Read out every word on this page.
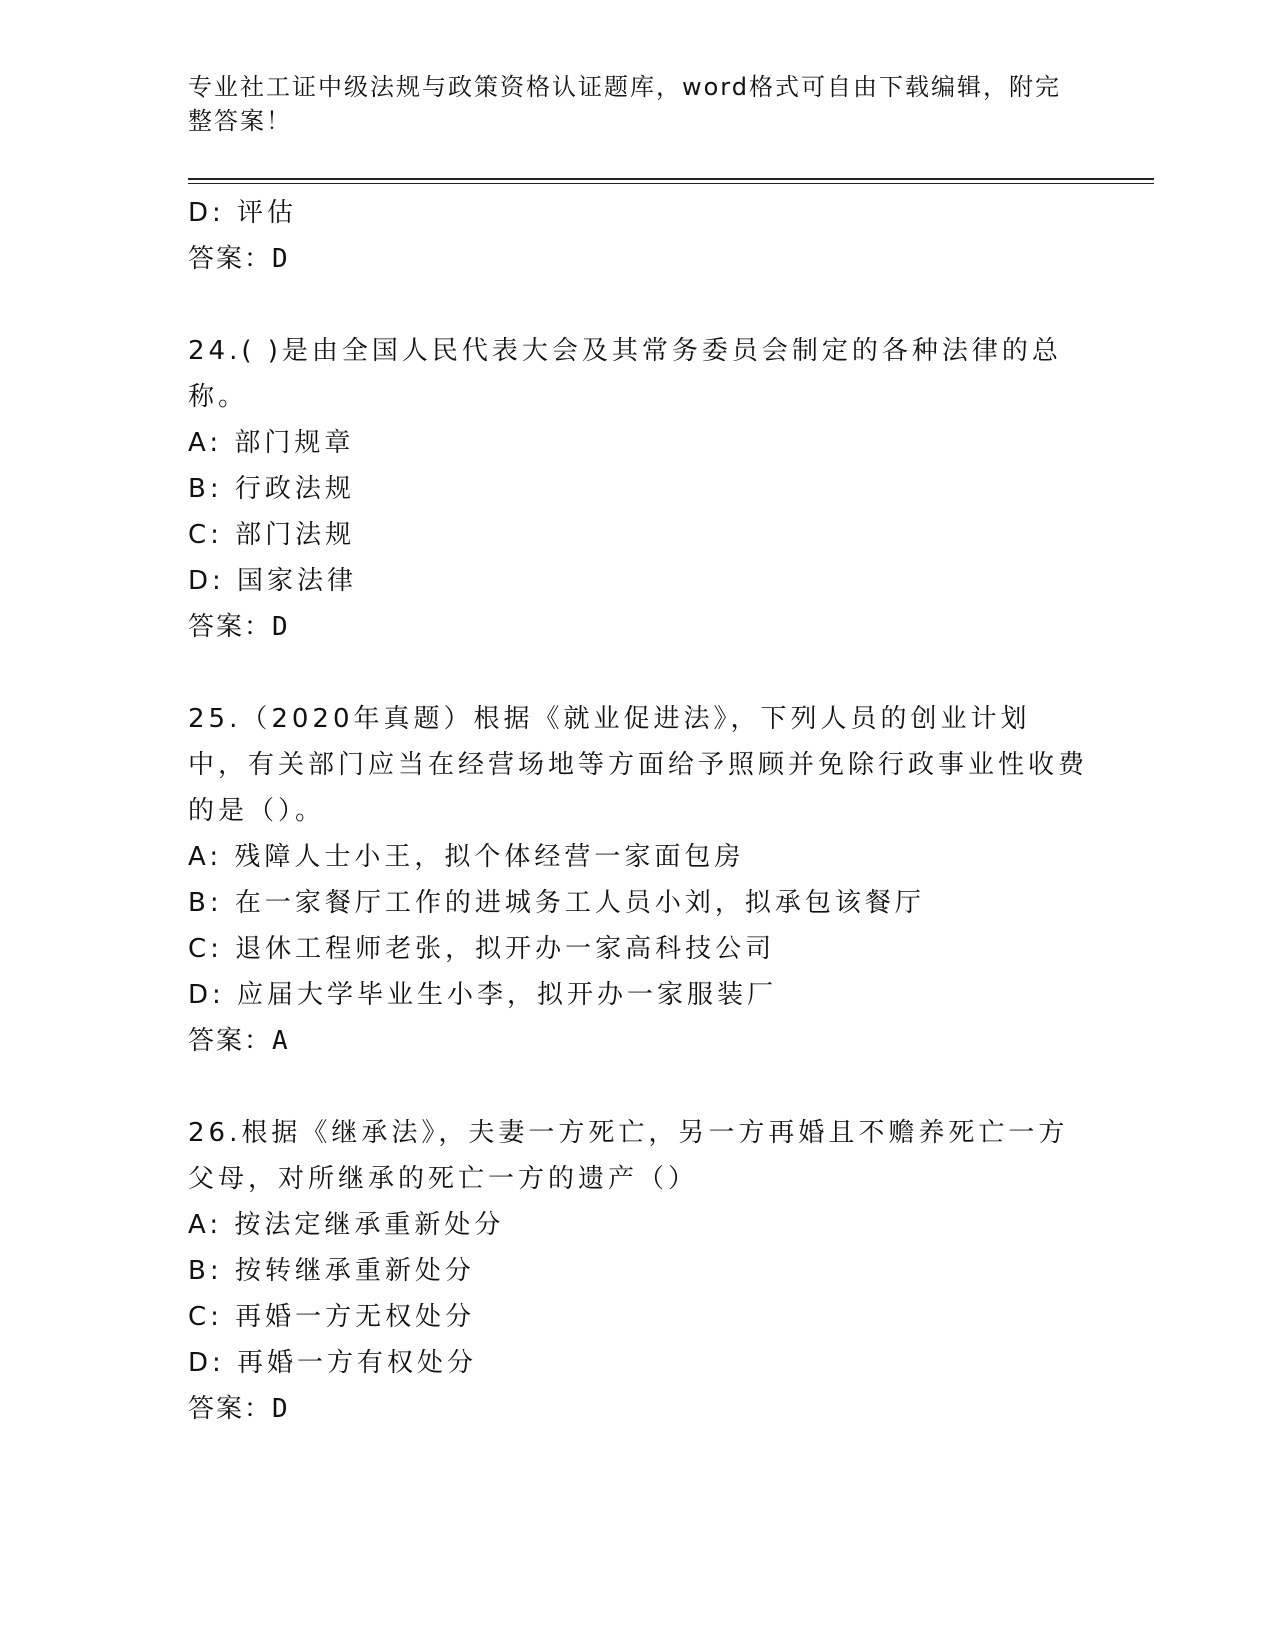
专业社工证中级法规与政策资格认证题库，word格式可自由下载编辑，附完整答案！
D: 评估
答案：D
24.( )是由全国人民代表大会及其常务委员会制定的各种法律的总称。
A: 部门规章
B: 行政法规
C: 部门法规
D: 国家法律
答案：D
25.（2020年真题）根据《就业促进法》，下列人员的创业计划中，有关部门应当在经营场地等方面给予照顾并免除行政事业性收费的是（）。
A: 残障人士小王，拟个体经营一家面包房
B: 在一家餐厅工作的进城务工人员小刘，拟承包该餐厅
C: 退休工程师老张，拟开办一家高科技公司
D: 应届大学毕业生小李，拟开办一家服装厂
答案：A
26.根据《继承法》，夫妻一方死亡，另一方再婚且不赡养死亡一方父母，对所继承的死亡一方的遗产（）
A: 按法定继承重新处分
B: 按转继承重新处分
C: 再婚一方无权处分
D: 再婚一方有权处分
答案：D
